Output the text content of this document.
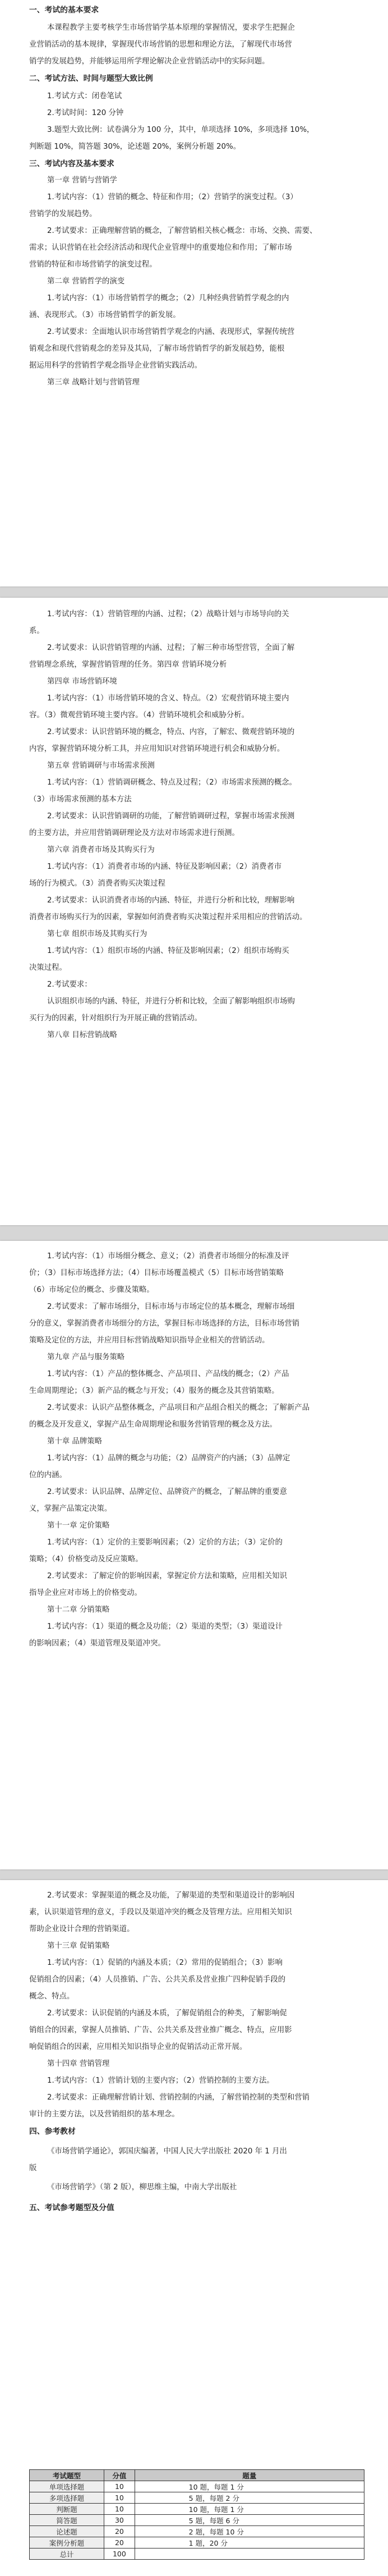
一、考试的基本要求
本课程教学主要考核学生市场营销学基本原理的掌握情况，要求学生把握企
业营销活动的基本规律，掌握现代市场营销的思想和理论方法，了解现代市场营
销学的发展趋势，并能够运用所学理论解决企业营销活动中的实际问题。
二、考试方法、时间与题型大致比例
1.考试方式：闭卷笔试
2.考试时间：120 分钟
3.题型大致比例：试卷满分为 100 分，其中，单项选择 10%，多项选择 10%，
判断题 10%，简答题 30%，论述题 20%，案例分析题 20%。
三、考试内容及基本要求
第一章 营销与营销学
1.考试内容：（1）营销的概念、特征和作用；（2）营销学的演变过程。（3）
营销学的发展趋势。
2.考试要求：正确理解营销的概念，了解营销相关核心概念：市场、交换、需要、
需求；认识营销在社会经济活动和现代企业管理中的重要地位和作用；了解市场
营销的特征和市场营销学的演变过程。
第二章 营销哲学的演变
1.考试内容：（1）市场营销哲学的概念；（2）几种经典营销哲学观念的内
涵、表现形式。（3）市场营销哲学的新发展。
2.考试要求：全面地认识市场营销哲学观念的内涵、表现形式，掌握传统营
销观念和现代营销观念的差异及其局，了解市场营销哲学的新发展趋势，能根
据运用科学的营销哲学观念指导企业营销实践活动。
第三章 战略计划与营销管理
1.考试内容：（1）营销管理的内涵、过程；（2）战略计划与市场导向的关
系。
2.考试要求：认识营销管理的内涵、过程；了解三种市场型营管，全面了解
营销理念系统，掌握营销管理的任务。第四章 营销环境分析
第四章 市场营销环境
1.考试内容：（1）市场营销环境的含义、特点。（2）宏观营销环境主要内
容。（3）微观营销环境主要内容。（4）营销环境机会和威胁分析。
2.考试要求：认识营销环境的概念，特点、内容，了解宏、微观营销环境的
内容，掌握营销环境分析工具，并应用知识对营销环境进行机会和威胁分析。
第五章 营销调研与市场需求预测
1.考试内容：（1）营销调研概念、特点及过程；（2）市场需求预测的概念。
（3）市场需求预测的基本方法
2.考试要求：认识营销调研的功能，了解营销调研过程，掌握市场需求预测
的主要方法，并应用营销调研理论及方法对市场需求进行预测。
第六章 消费者市场及其购买行为
1.考试内容：（1）消费者市场的内涵、特征及影响因素；（2）消费者市
场的行为模式。（3）消费者购买决策过程
2.考试要求：认识消费者市场的内涵、特征，并进行分析和比较，理解影响
消费者市场购买行为的因素，掌握如何消费者购买决策过程并采用相应的营销活动。
第七章 组织市场及其购买行为
1.考试内容：（1）组织市场的内涵、特征及影响因素；（2）组织市场购买
决策过程。
2.考试要求：
认识组织市场的内涵、特征，并进行分析和比较，全面了解影响组织市场购
买行为的因素，针对组织行为开展正确的营销活动。
第八章 目标营销战略
1.考试内容：（1）市场细分概念、意义；（2）消费者市场细分的标准及评
价；（3）目标市场选择方法；（4）目标市场覆盖模式（5）目标市场营销策略
（6）市场定位的概念、步骤及策略。
2.考试要求：了解市场细分，目标市场与市场定位的基本概念，理解市场细
分的意义，掌握消费者市场细分的方法，掌握目标市场选择的方法，目标市场营销
策略及定位的方法，并应用目标营销战略知识指导企业相关的营销活动。
第九章 产品与服务策略
1.考试内容：（1）产品的整体概念、产品项目、产品线的概念；（2）产品
生命周期理论；（3）新产品的概念与开发；（4）服务的概念及其营销策略。
2.考试要求：认识产品整体概念，产品项目和产品组合相关的概念；了解新产品
的概念及开发意义，掌握产品生命周期理论和服务营销管理的概念及方法。
第十章 品牌策略
1.考试内容：（1）品牌的概念与功能；（2）品牌资产的内涵；（3）品牌定
位的内涵。
2.考试要求：认识品牌、品牌定位、品牌资产的概念，了解品牌的重要意
义，掌握产品策定决策。
第十一章 定价策略
1.考试内容：（1）定价的主要影响因素；（2）定价的方法；（3）定价的
策略；（4）价格变动及反应策略。
2.考试要求：了解定价的影响因素，掌握定价方法和策略，应用相关知识
指导企业应对市场上的价格变动。
第十二章 分销策略
1.考试内容：（1）渠道的概念及功能；（2）渠道的类型；（3）渠道设计
的影响因素；（4）渠道管理及渠道冲突。
考试题型	分值	题量
单项选择题	10	10 题，每题 1 分
多项选择题	10	5 题，每题 2 分
判断题	10	10 题，每题 1 分
简答题	30	5 题，每题 6 分
论述题	20	2 题，每题 10 分
案例分析题	20	1 题，20 分
总计	100	
2.考试要求：掌握渠道的概念及功能，了解渠道的类型和渠道设计的影响因
素，认识渠道管理的意义，手段以及渠道冲突的概念及管理方法。应用相关知识
帮助企业设计合理的营销渠道。
第十三章 促销策略
1.考试内容：（1）促销的内涵及本质；（2）常用的促销组合；（3）影响
促销组合的因素；（4）人员推销、广告、公共关系及营业推广四种促销手段的
概念、特点。
2.考试要求：认识促销的内涵及本质，了解促销组合的种类，了解影响促
销组合的因素，掌握人员推销、广告、公共关系及营业推广概念、特点，应用影
响促销组合的因素，应用相关知识指导企业的促销活动正常开展。
第十四章 营销管理
1.考试内容：（1）营销计划的主要内容；（2）营销控制的主要方法。
2.考试要求：正确理解营销计划、营销控制的内涵，了解营销控制的类型和营销
审计的主要方法，以及营销组织的基本理念。
四、参考教材
《市场营销学通论》，郭国庆编著，中国人民大学出版社 2020 年 1 月出
版
《市场营销学》（第 2 版），柳思维主编，中南大学出版社
五、考试参考题型及分值
